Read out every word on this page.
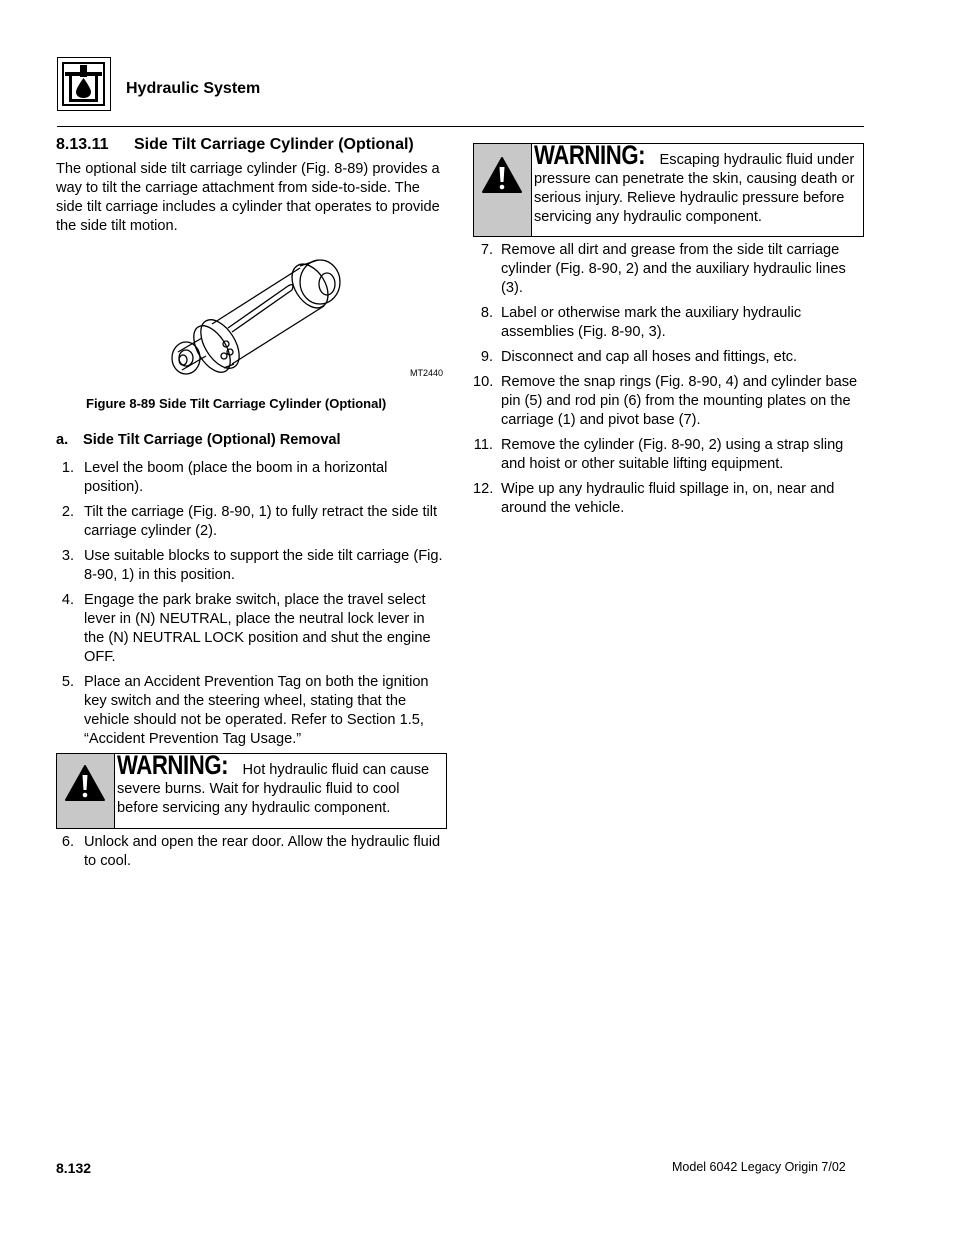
Hydraulic System
8.13.11 Side Tilt Carriage Cylinder (Optional)
The optional side tilt carriage cylinder (Fig. 8-89) provides a way to tilt the carriage attachment from side-to-side. The side tilt carriage includes a cylinder that operates to provide the side tilt motion.
MT2440
Figure 8-89 Side Tilt Carriage Cylinder (Optional)
a. Side Tilt Carriage (Optional) Removal
1. Level the boom (place the boom in a horizontal position).
2. Tilt the carriage (Fig. 8-90, 1) to fully retract the side tilt carriage cylinder (2).
3. Use suitable blocks to support the side tilt carriage (Fig. 8-90, 1) in this position.
4. Engage the park brake switch, place the travel select lever in (N) NEUTRAL, place the neutral lock lever in the (N) NEUTRAL LOCK position and shut the engine OFF.
5. Place an Accident Prevention Tag on both the ignition key switch and the steering wheel, stating that the vehicle should not be operated. Refer to Section 1.5, “Accident Prevention Tag Usage.”
WARNING: Hot hydraulic fluid can cause severe burns. Wait for hydraulic fluid to cool before servicing any hydraulic component.
6. Unlock and open the rear door. Allow the hydraulic fluid to cool.
WARNING: Escaping hydraulic fluid under pressure can penetrate the skin, causing death or serious injury. Relieve hydraulic pressure before servicing any hydraulic component.
7. Remove all dirt and grease from the side tilt carriage cylinder (Fig. 8-90, 2) and the auxiliary hydraulic lines (3).
8. Label or otherwise mark the auxiliary hydraulic assemblies (Fig. 8-90, 3).
9. Disconnect and cap all hoses and fittings, etc.
10. Remove the snap rings (Fig. 8-90, 4) and cylinder base pin (5) and rod pin (6) from the mounting plates on the carriage (1) and pivot base (7).
11. Remove the cylinder (Fig. 8-90, 2) using a strap sling and hoist or other suitable lifting equipment.
12. Wipe up any hydraulic fluid spillage in, on, near and around the vehicle.
8.132	Model 6042 Legacy Origin 7/02
